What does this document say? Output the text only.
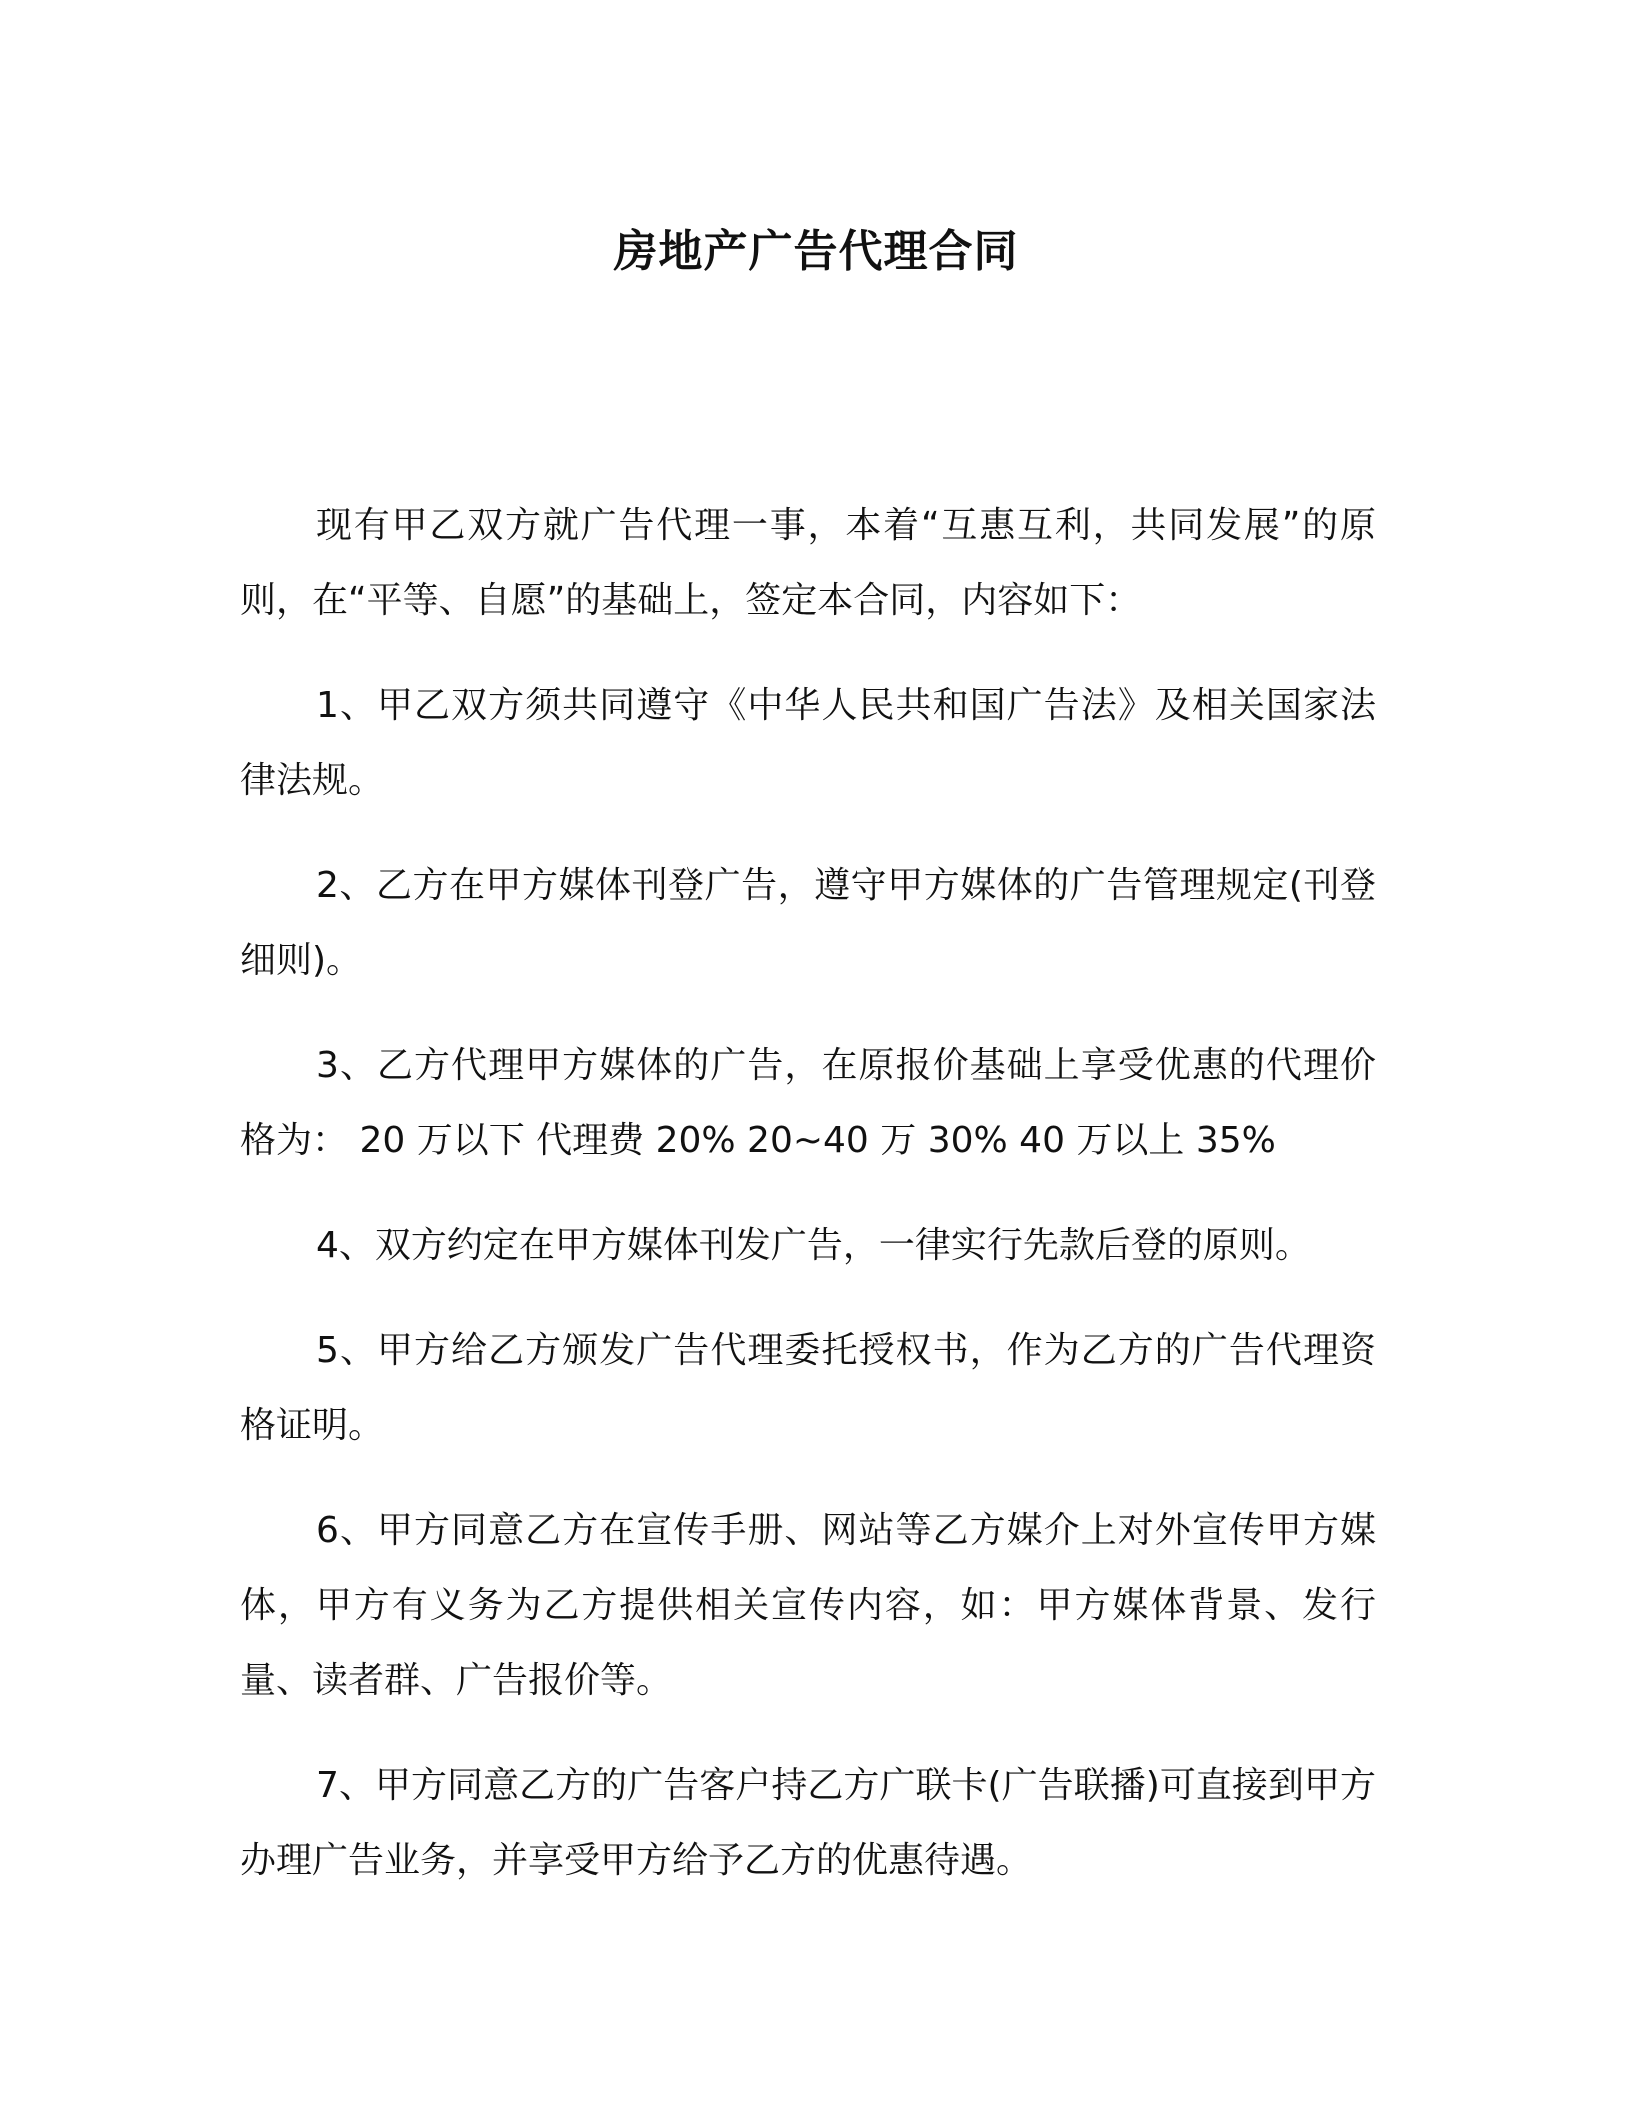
房地产广告代理合同

现有甲乙双方就广告代理一事，本着“互惠互利，共同发展”的原则，在“平等、自愿”的基础上，签定本合同，内容如下：

1、甲乙双方须共同遵守《中华人民共和国广告法》及相关国家法律法规。

2、乙方在甲方媒体刊登广告，遵守甲方媒体的广告管理规定(刊登细则)。

3、乙方代理甲方媒体的广告，在原报价基础上享受优惠的代理价格为： 20 万以下 代理费 20% 20~40 万 30% 40 万以上 35%

4、双方约定在甲方媒体刊发广告，一律实行先款后登的原则。

5、甲方给乙方颁发广告代理委托授权书，作为乙方的广告代理资格证明。

6、甲方同意乙方在宣传手册、网站等乙方媒介上对外宣传甲方媒体，甲方有义务为乙方提供相关宣传内容，如：甲方媒体背景、发行量、读者群、广告报价等。

7、甲方同意乙方的广告客户持乙方广联卡(广告联播)可直接到甲方办理广告业务，并享受甲方给予乙方的优惠待遇。
